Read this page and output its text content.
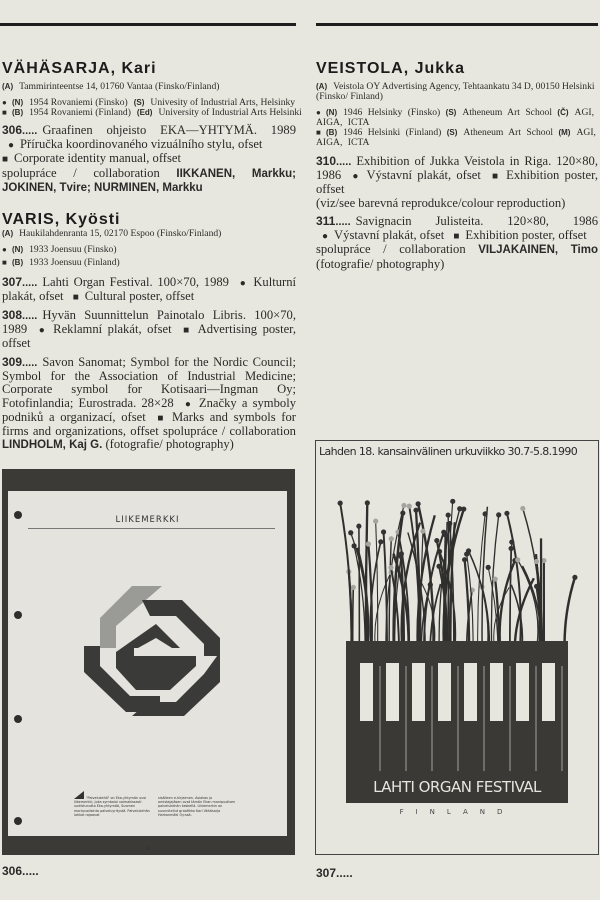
VÄHÄSARJA, Kari
(A) Tammirinteentse 14, 01760 Vantaa (Finsko/Finland)
● (N) 1954 Rovaniemi (Finsko) (S) Univesity of Industrial Arts, Helsinky
■ (B) 1954 Rovaniemi (Finland) (Ed) University of Industrial Arts Helsinki
306..... Graafinen ohjeisto EKA—YHTYMÄ. 1989 ● Příručka koordinovaného vizuálního stylu, ofset
■ Corporate identity manual, offset
spolupráce / collaboration IIKKANEN, Markku; JOKINEN, Tvire; NURMINEN, Markku
VARIS, Kyösti
(A) Haukilahdenranta 15, 02170 Espoo (Finsko/Finland)
● (N) 1933 Joensuu (Finsko)
■ (B) 1933 Joensuu (Finland)
307..... Lahti Organ Festival. 100×70, 1989 ● Kulturní plakát, ofset ■ Cultural poster, offset
308..... Hyvän Suunnittelun Painotalo Libris. 100×70, 1989 ● Reklamní plakát, ofset ■ Advertising poster, offset
309..... Savon Sanomat; Symbol for the Nordic Council; Symbol for the Association of Industrial Medicine; Corporate symbol for Kotisaari—Ingman Oy; Fotofinlandia; Eurostrada. 28×28 ● Značky a symboly podniků a organizací, ofset ■ Marks and symbols for firms and organizations, offset spolupráce / collaboration LINDHOLM, Kaj G. (fotografie/ photography)
LIIKEMERKKI
"Palvelukehä" on Eka-yhtymän uusi liikemerkki, joka symboloi voimakkaasti uudistunutta Eka-yhtymää, Suomen monipuolisinta palveluyritystä. Palvelukehän lohkot rajaavat
sisälleen e-kirjaimen. Asiakas ja omistajajäsen ovat tämän Ekan monipuolisen palvelukehän keskellä. Liikemerkin on suunnitellut graafikko Kari Vähäsarja Harkonmäki Oy:ssä.
11
306.....
VEISTOLA, Jukka
(A) Veistola OY Advertising Agency, Tehtaankatu 34 D, 00150 Helsinki (Finsko/ Finland)
● (N) 1946 Helsinky (Finsko) (S) Atheneum Art School (Č) AGI, AIGA, ICTA
■ (B) 1946 Helsinki (Finland) (S) Atheneum Art School (M) AGI, AIGA, ICTA
310..... Exhibition of Jukka Veistola in Riga. 120×80, 1986 ● Výstavní plakát, ofset ■ Exhibition poster, offset
(viz/see barevná reprodukce/colour reproduction)
311..... Savignacin Julisteita. 120×80, 1986 ● Výstavní plakát, ofset ■ Exhibition poster, offset
spolupráce / collaboration VILJAKAINEN, Timo (fotografie/ photography)
Lahden 18. kansainvälinen urkuviikko 30.7-5.8.1990
LAHTI ORGAN FESTIVAL
FINLAND
307.....
